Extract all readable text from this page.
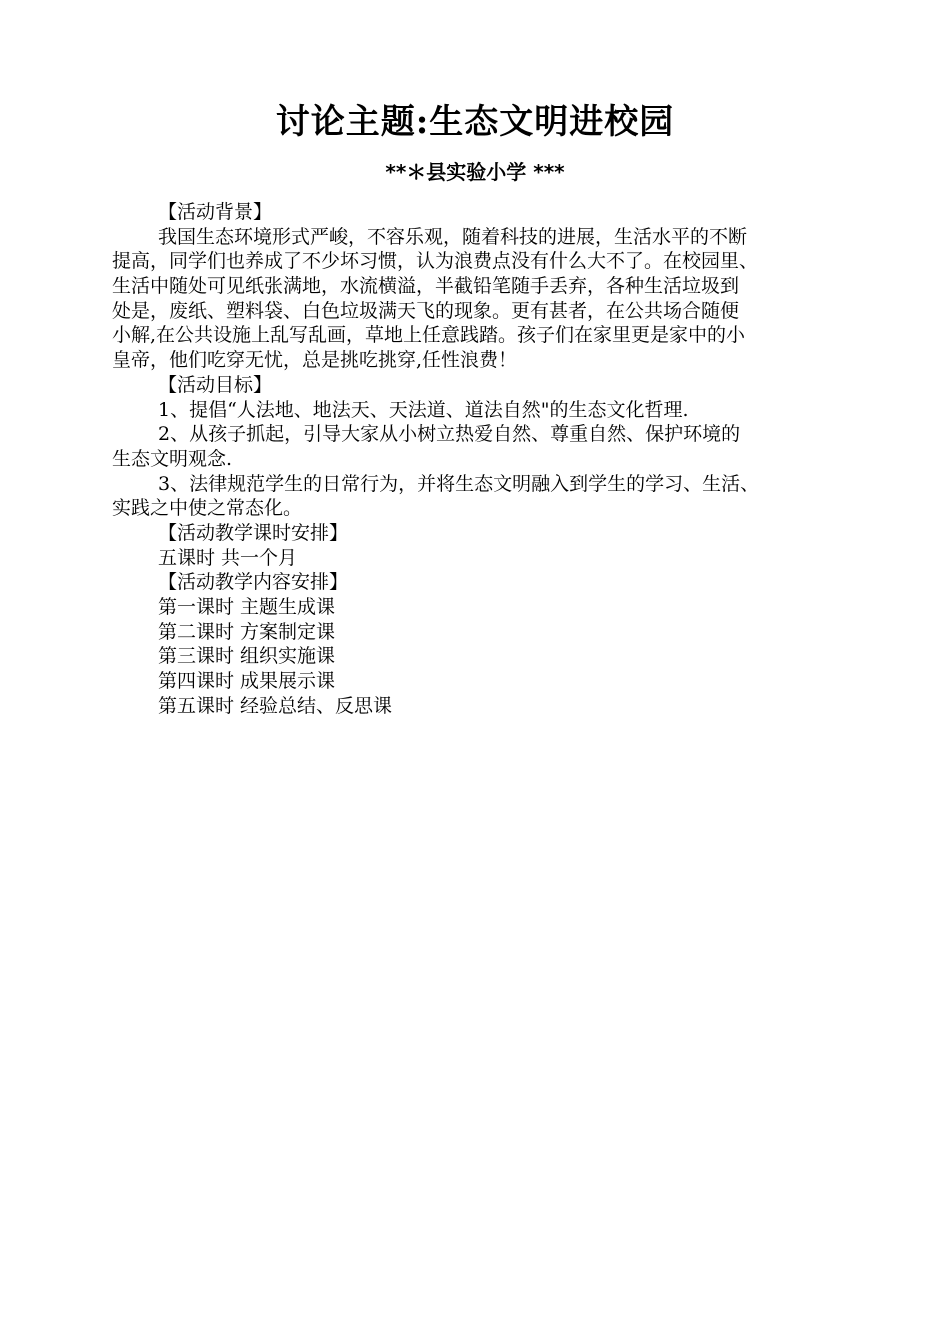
讨论主题:生态文明进校园
**＊县实验小学 ***
【活动背景】
我国生态环境形式严峻，不容乐观，随着科技的进展，生活水平的不断
提高，同学们也养成了不少坏习惯，认为浪费点没有什么大不了。在校园里、
生活中随处可见纸张满地，水流横溢，半截铅笔随手丢弃，各种生活垃圾到
处是，废纸、塑料袋、白色垃圾满天飞的现象。更有甚者，在公共场合随便
小解,在公共设施上乱写乱画，草地上任意践踏。孩子们在家里更是家中的小
皇帝，他们吃穿无忧，总是挑吃挑穿,任性浪费！
【活动目标】
1、提倡“人法地、地法天、天法道、道法自然"的生态文化哲理.
2、从孩子抓起，引导大家从小树立热爱自然、尊重自然、保护环境的
生态文明观念.
3、法律规范学生的日常行为，并将生态文明融入到学生的学习、生活、
实践之中使之常态化。
【活动教学课时安排】
五课时 共一个月
【活动教学内容安排】
第一课时 主题生成课
第二课时 方案制定课
第三课时 组织实施课
第四课时 成果展示课
第五课时 经验总结、反思课
